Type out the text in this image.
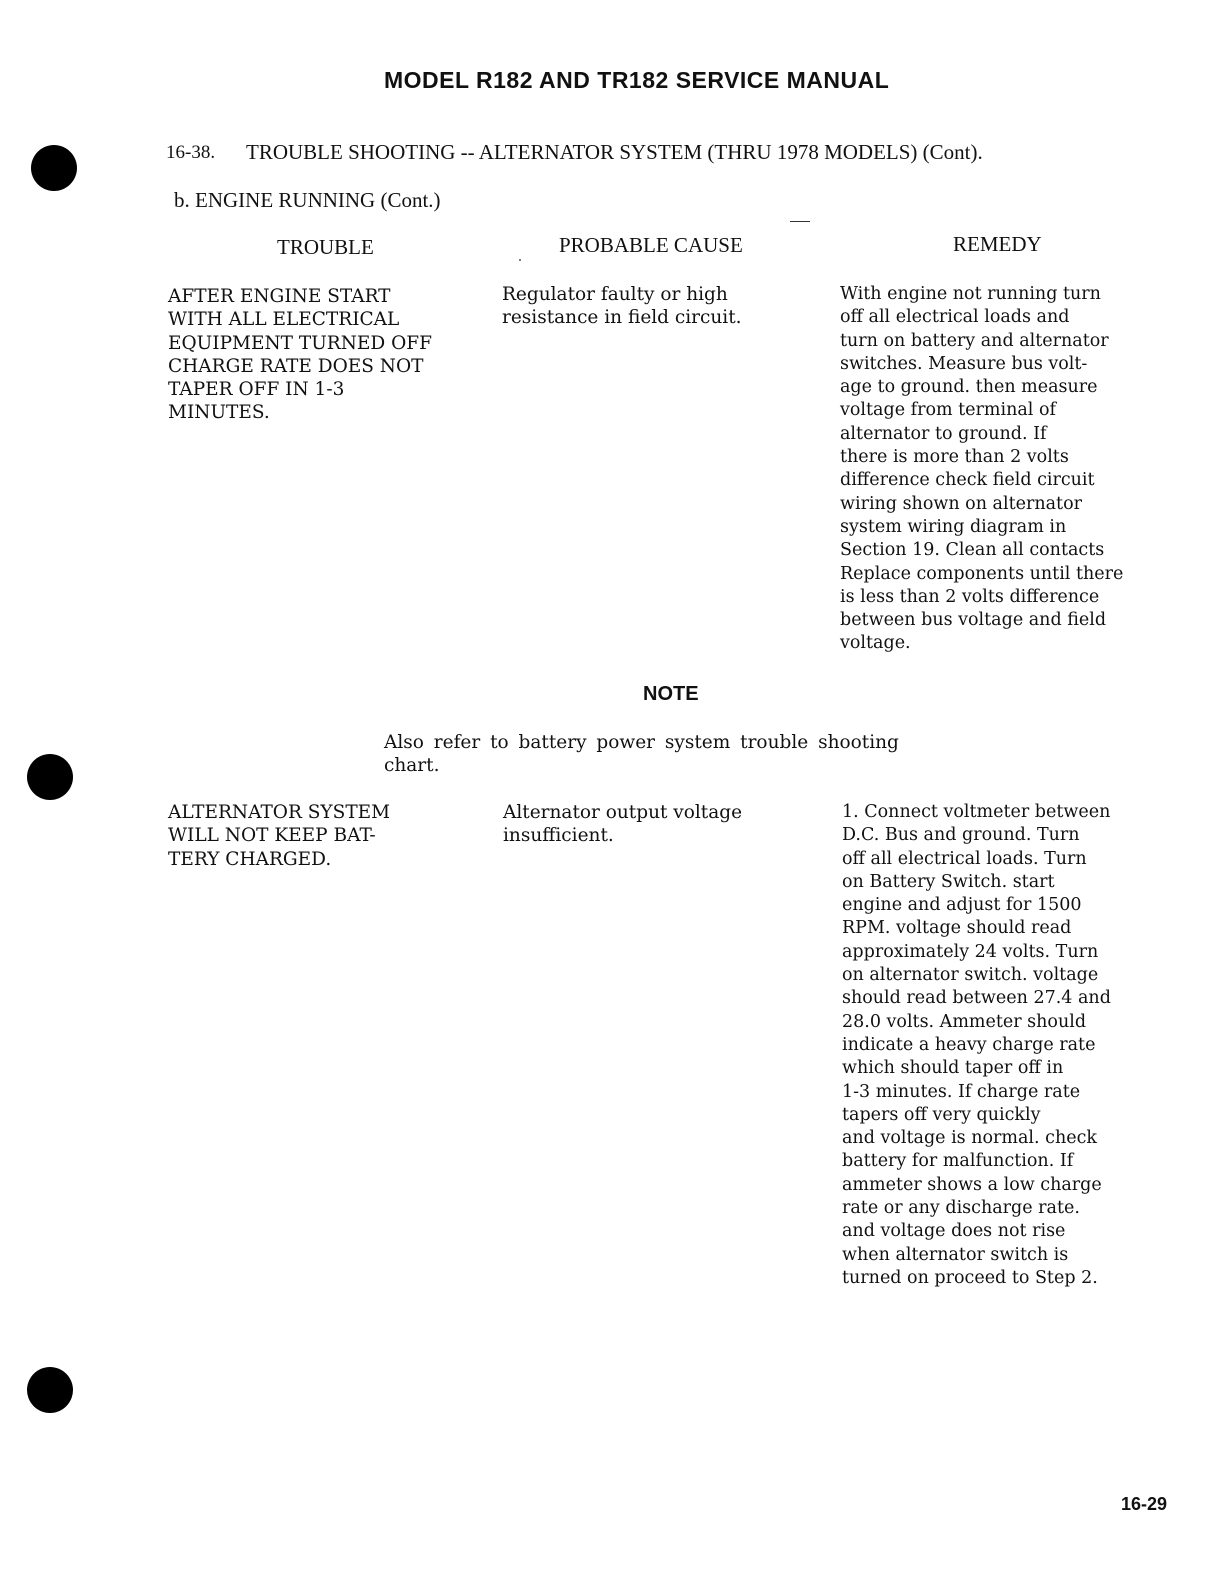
MODEL R182 AND TR182 SERVICE MANUAL
16-38. TROUBLE SHOOTING -- ALTERNATOR SYSTEM (THRU 1978 MODELS) (Cont).
b. ENGINE RUNNING (Cont.)
TROUBLE	PROBABLE CAUSE	REMEDY
AFTER ENGINE START
WITH ALL ELECTRICAL
EQUIPMENT TURNED OFF
CHARGE RATE DOES NOT
TAPER OFF IN 1-3
MINUTES.
Regulator faulty or high
resistance in field circuit.
With engine not running turn
off all electrical loads and
turn on battery and alternator
switches. Measure bus volt-
age to ground. then measure
voltage from terminal of
alternator to ground. If
there is more than 2 volts
difference check field circuit
wiring shown on alternator
system wiring diagram in
Section 19. Clean all contacts
Replace components until there
is less than 2 volts difference
between bus voltage and field
voltage.
NOTE
Also refer to battery power system trouble shooting
chart.
ALTERNATOR SYSTEM
WILL NOT KEEP BAT-
TERY CHARGED.
Alternator output voltage
insufficient.
1. Connect voltmeter between
D.C. Bus and ground. Turn
off all electrical loads. Turn
on Battery Switch. start
engine and adjust for 1500
RPM. voltage should read
approximately 24 volts. Turn
on alternator switch. voltage
should read between 27.4 and
28.0 volts. Ammeter should
indicate a heavy charge rate
which should taper off in
1-3 minutes. If charge rate
tapers off very quickly
and voltage is normal. check
battery for malfunction. If
ammeter shows a low charge
rate or any discharge rate.
and voltage does not rise
when alternator switch is
turned on proceed to Step 2.
16-29
